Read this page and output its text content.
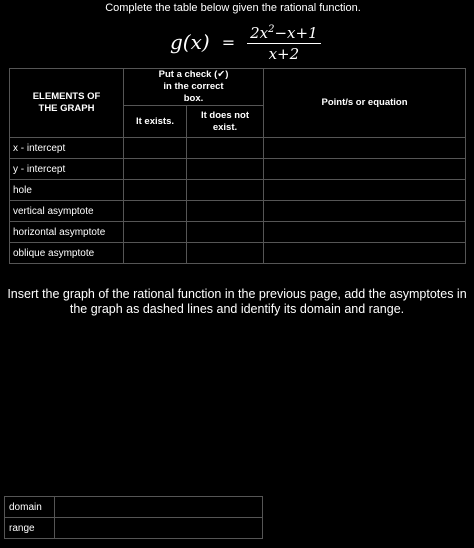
Complete the table below given the rational function.
$g(x) = \frac{2x^2-x+1}{x+2}$
ELEMENTS OF THE GRAPH	Put a check (✔) in the correct box.		Point/s or equation
	It exists.	It does not exist.	
x - intercept			
y - intercept			
hole			
vertical asymptote			
horizontal asymptote			
oblique asymptote			
Insert the graph of the rational function in the previous page, add the asymptotes in the graph as dashed lines and identify its domain and range.
domain	
range	
